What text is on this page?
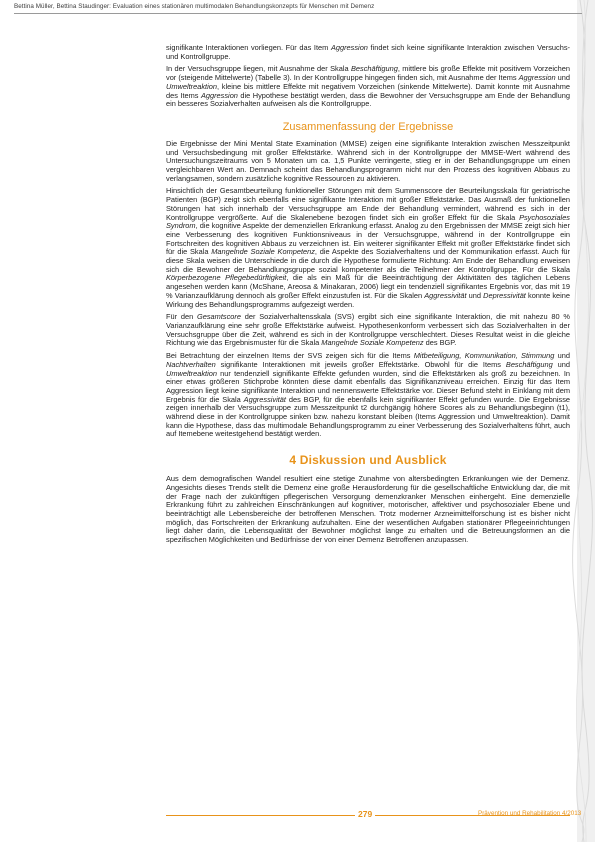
Bettina Müller, Bettina Staudinger: Evaluation eines stationären multimodalen Behandlungskonzepts für Menschen mit Demenz

signifikante Interaktionen vorliegen. Für das Item Aggression findet sich keine signifikante Interaktion zwischen Versuchs- und Kontrollgruppe.

In der Versuchsgruppe liegen, mit Ausnahme der Skala Beschäftigung, mittlere bis große Effekte mit positivem Vorzeichen vor (steigende Mittelwerte) (Tabelle 3). In der Kontrollgruppe hingegen finden sich, mit Ausnahme der Items Aggression und Umweltreaktion, kleine bis mittlere Effekte mit negativem Vorzeichen (sinkende Mittelwerte). Damit konnte mit Ausnahme des Items Aggression die Hypothese bestätigt werden, dass die Bewohner der Versuchsgruppe am Ende der Behandlung ein besseres Sozialverhalten aufweisen als die Kontrollgruppe.

Zusammenfassung der Ergebnisse

Die Ergebnisse der Mini Mental State Examination (MMSE) zeigen eine signifikante Interaktion zwischen Messzeitpunkt und Versuchsbedingung mit großer Effektstärke. Während sich in der Kontrollgruppe der MMSE-Wert während des Untersuchungszeitraums von 5 Monaten um ca. 1,5 Punkte verringerte, stieg er in der Behandlungsgruppe um einen vergleichbaren Wert an. Demnach scheint das Behandlungsprogramm nicht nur den Prozess des kognitiven Abbaus zu verlangsamen, sondern zusätzliche kognitive Ressourcen zu aktivieren.

Hinsichtlich der Gesamtbeurteilung funktioneller Störungen mit dem Summenscore der Beurteilungsskala für geriatrische Patienten (BGP) zeigt sich ebenfalls eine signifikante Interaktion mit großer Effektstärke. Das Ausmaß der funktionellen Störungen hat sich innerhalb der Versuchsgruppe am Ende der Behandlung vermindert, während es sich in der Kontrollgruppe vergrößerte. Auf die Skalenebene bezogen findet sich ein großer Effekt für die Skala Psychosoziales Syndrom, die kognitive Aspekte der demenziellen Erkrankung erfasst. Analog zu den Ergebnissen der MMSE zeigt sich hier eine Verbesserung des kognitiven Funktionsniveaus in der Versuchsgruppe, während in der Kontrollgruppe ein Fortschreiten des kognitiven Abbaus zu verzeichnen ist. Ein weiterer signifikanter Effekt mit großer Effektstärke findet sich für die Skala Mangelnde Soziale Kompetenz, die Aspekte des Sozialverhaltens und der Kommunikation erfasst. Auch für diese Skala weisen die Unterschiede in die durch die Hypothese formulierte Richtung: Am Ende der Behandlung erweisen sich die Bewohner der Behandlungsgruppe sozial kompetenter als die Teilnehmer der Kontrollgruppe. Für die Skala Körperbezogene Pflegebedürftigkeit, die als ein Maß für die Beeinträchtigung der Aktivitäten des täglichen Lebens angesehen werden kann (McShane, Areosa & Minakaran, 2006) liegt ein tendenziell signifikantes Ergebnis vor, das mit 19 % Varianzaufklärung dennoch als großer Effekt einzustufen ist. Für die Skalen Aggressivität und Depressivität konnte keine Wirkung des Behandlungsprogramms aufgezeigt werden.

Für den Gesamtscore der Sozialverhaltensskala (SVS) ergibt sich eine signifikante Interaktion, die mit nahezu 80 % Varianzaufklärung eine sehr große Effektstärke aufweist. Hypothesenkonform verbessert sich das Sozialverhalten in der Versuchsgruppe über die Zeit, während es sich in der Kontrollgruppe verschlechtert. Dieses Resultat weist in die gleiche Richtung wie das Ergebnismuster für die Skala Mangelnde Soziale Kompetenz des BGP.

Bei Betrachtung der einzelnen Items der SVS zeigen sich für die Items Mitbeteiligung, Kommunikation, Stimmung und Nachtverhalten signifikante Interaktionen mit jeweils großer Effektstärke. Obwohl für die Items Beschäftigung und Umweltreaktion nur tendenziell signifikante Effekte gefunden wurden, sind die Effektstärken als groß zu bezeichnen. In einer etwas größeren Stichprobe könnten diese damit ebenfalls das Signifikanzniveau erreichen. Einzig für das Item Aggression liegt keine signifikante Interaktion und nennenswerte Effektstärke vor. Dieser Befund steht in Einklang mit dem Ergebnis für die Skala Aggressivität des BGP, für die ebenfalls kein signifikanter Effekt gefunden wurde. Die Ergebnisse zeigen innerhalb der Versuchsgruppe zum Messzeitpunkt t2 durchgängig höhere Scores als zu Behandlungsbeginn (t1), während diese in der Kontrollgruppe sinken bzw. nahezu konstant bleiben (Items Aggression und Umweltreaktion). Damit kann die Hypothese, dass das multimodale Behandlungsprogramm zu einer Verbesserung des Sozialverhaltens führt, auch auf Itemebene weitestgehend bestätigt werden.

4 Diskussion und Ausblick

Aus dem demografischen Wandel resultiert eine stetige Zunahme von altersbedingten Erkrankungen wie der Demenz. Angesichts dieses Trends stellt die Demenz eine große Herausforderung für die gesellschaftliche Entwicklung dar, die mit der Frage nach der zukünftigen pflegerischen Versorgung demenzkranker Menschen einhergeht. Eine demenzielle Erkrankung führt zu zahlreichen Einschränkungen auf kognitiver, motorischer, affektiver und psychosozialer Ebene und beeinträchtigt alle Lebensbereiche der betroffenen Menschen. Trotz moderner Arzneimittelforschung ist es bisher nicht möglich, das Fortschreiten der Erkrankung aufzuhalten. Eine der wesentlichen Aufgaben stationärer Pflegeeinrichtungen liegt daher darin, die Lebensqualität der Bewohner möglichst lange zu erhalten und die Betreuungsformen an die spezifischen Möglichkeiten und Bedürfnisse der von einer Demenz Betroffenen anzupassen.

279	Prävention und Rehabilitation 4/2013
